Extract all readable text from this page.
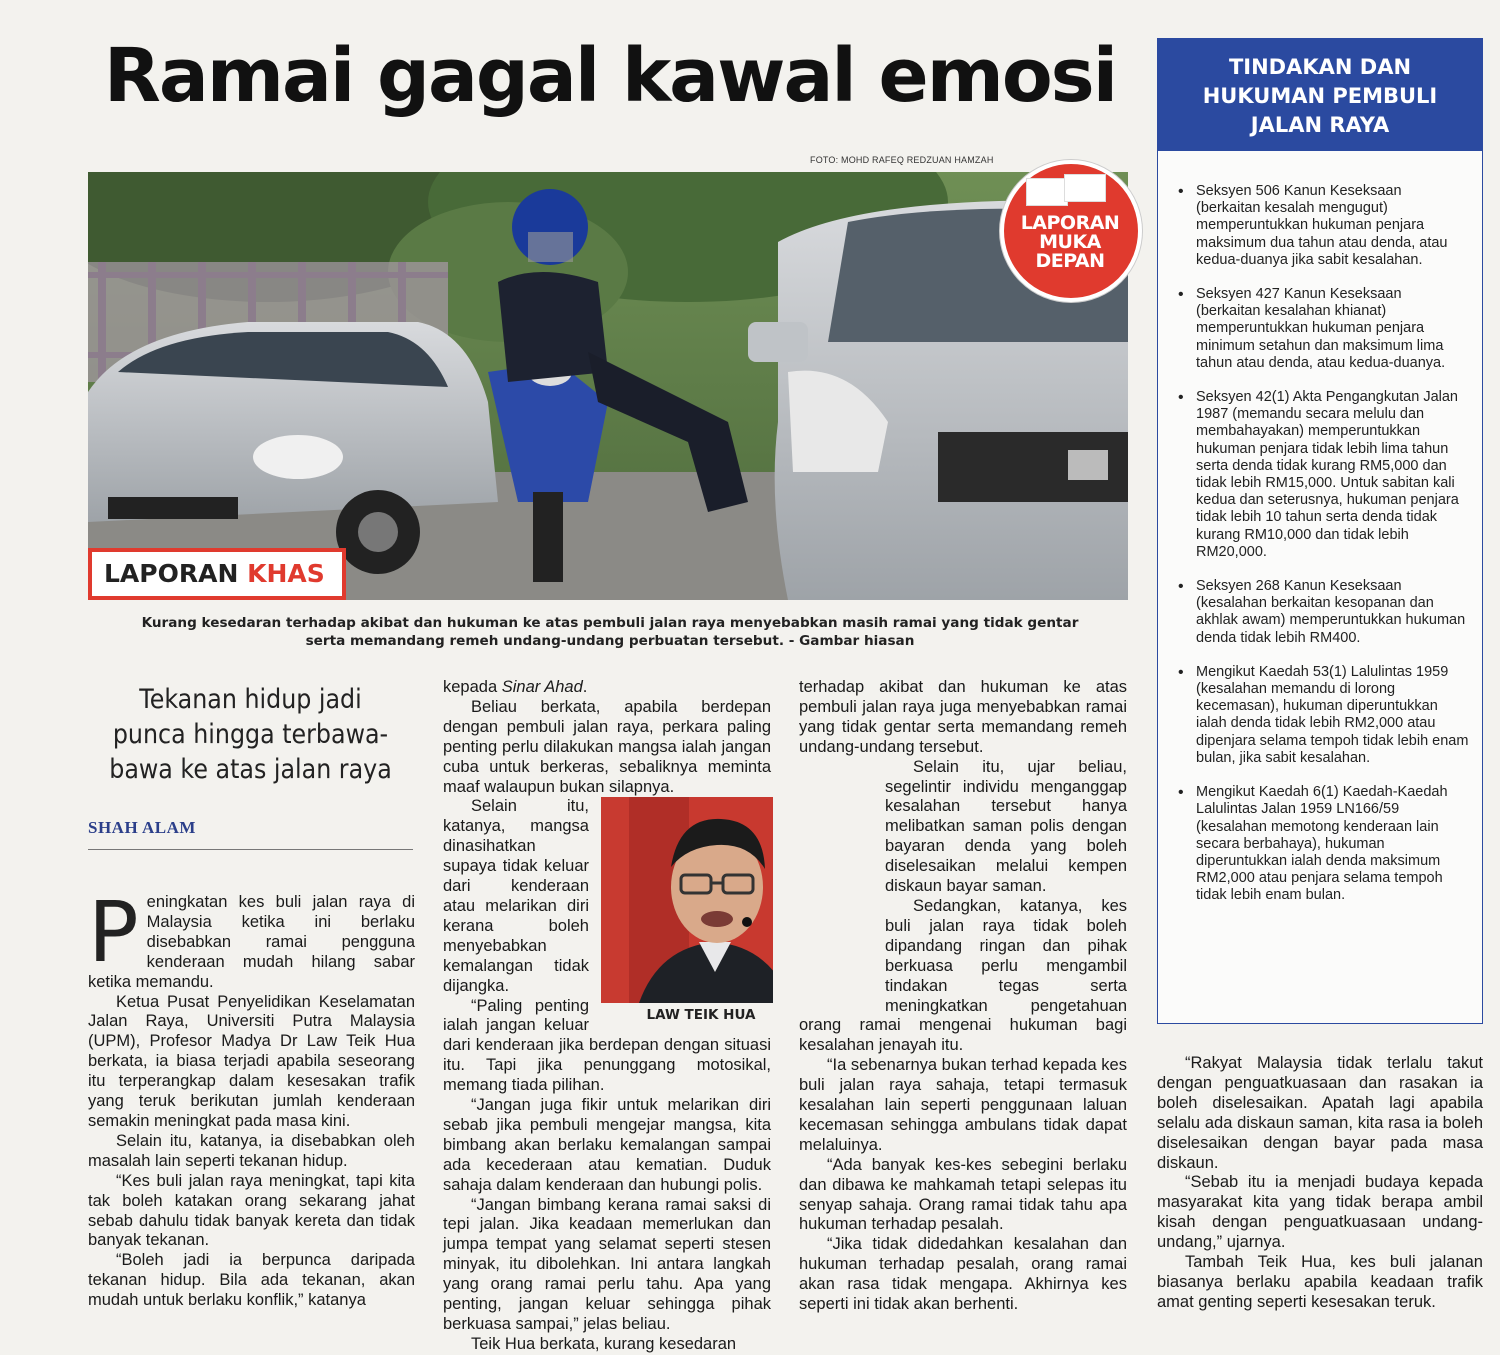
Ramai gagal kawal emosi
FOTO: MOHD RAFEQ REDZUAN HAMZAH
LAPORAN KHAS
LAPORAN
MUKA
DEPAN
Kurang kesedaran terhadap akibat dan hukuman ke atas pembuli jalan raya menyebabkan masih ramai yang tidak gentar serta memandang remeh undang-undang perbuatan tersebut. - Gambar hiasan
Tekanan hidup jadi punca hingga terbawa-bawa ke atas jalan raya
SHAH ALAM

Peningkatan kes buli jalan raya di Malaysia ketika ini berlaku disebabkan ramai pengguna kenderaan mudah hilang sabar ketika memandu.

Ketua Pusat Penyelidikan Keselamatan Jalan Raya, Universiti Putra Malaysia (UPM), Profesor Madya Dr Law Teik Hua berkata, ia biasa terjadi apabila seseorang itu terperangkap dalam kesesakan trafik yang teruk berikutan jumlah kenderaan semakin meningkat pada masa kini.

Selain itu, katanya, ia disebabkan oleh masalah lain seperti tekanan hidup.

“Kes buli jalan raya meningkat, tapi kita tak boleh katakan orang sekarang jahat sebab dahulu tidak banyak kereta dan tidak banyak tekanan.

“Boleh jadi ia berpunca daripada tekanan hidup. Bila ada tekanan, akan mudah untuk berlaku konflik,” katanya

kepada Sinar Ahad.

Beliau berkata, apabila berdepan dengan pembuli jalan raya, perkara paling penting perlu dilakukan mangsa ialah jangan cuba untuk berkeras, sebaliknya meminta maaf walaupun bukan silapnya.

LAW TEIK HUA
Selain itu, katanya, mangsa dinasihatkan supaya tidak keluar dari kenderaan atau melarikan diri kerana boleh menyebabkan kemalangan tidak dijangka.

“Paling penting ialah jangan keluar dari kenderaan jika berdepan dengan situasi itu. Tapi jika penunggang motosikal, memang tiada pilihan.

“Jangan juga fikir untuk melarikan diri sebab jika pembuli mengejar mangsa, kita bimbang akan berlaku kemalangan sampai ada kecederaan atau kematian. Duduk sahaja dalam kenderaan dan hubungi polis.

“Jangan bimbang kerana ramai saksi di tepi jalan. Jika keadaan memerlukan dan jumpa tempat yang selamat seperti stesen minyak, itu dibolehkan. Ini antara langkah yang orang ramai perlu tahu. Apa yang penting, jangan keluar sehingga pihak berkuasa sampai,” jelas beliau.

Teik Hua berkata, kurang kesedaran

terhadap akibat dan hukuman ke atas pembuli jalan raya juga menyebabkan ramai yang tidak gentar serta memandang remeh undang-undang tersebut.

Selain itu, ujar beliau, segelintir individu menganggap kesalahan tersebut hanya melibatkan saman polis dengan bayaran denda yang boleh diselesaikan melalui kempen diskaun bayar saman.

Sedangkan, katanya, kes buli jalan raya tidak boleh dipandang ringan dan pihak berkuasa perlu mengambil tindakan tegas serta meningkatkan pengetahuan orang ramai mengenai hukuman bagi kesalahan jenayah itu.

“Ia sebenarnya bukan terhad kepada kes buli jalan raya sahaja, tetapi termasuk kesalahan lain seperti penggunaan laluan kecemasan sehingga ambulans tidak dapat melaluinya.

“Ada banyak kes-kes sebegini berlaku dan dibawa ke mahkamah tetapi selepas itu senyap sahaja. Orang ramai tidak tahu apa hukuman terhadap pesalah.

“Jika tidak didedahkan kesalahan dan hukuman terhadap pesalah, orang ramai akan rasa tidak mengapa. Akhirnya kes seperti ini tidak akan berhenti.

TINDAKAN DAN
HUKUMAN PEMBULI
JALAN RAYA
• Seksyen 506 Kanun Keseksaan (berkaitan kesalah mengugut) memperuntukkan hukuman penjara maksimum dua tahun atau denda, atau kedua-duanya jika sabit kesalahan.
• Seksyen 427 Kanun Keseksaan (berkaitan kesalahan khianat) memperuntukkan hukuman penjara minimum setahun dan maksimum lima tahun atau denda, atau kedua-duanya.
• Seksyen 42(1) Akta Pengangkutan Jalan 1987 (memandu secara melulu dan membahayakan) memperuntukkan hukuman penjara tidak lebih lima tahun serta denda tidak kurang RM5,000 dan tidak lebih RM15,000. Untuk sabitan kali kedua dan seterusnya, hukuman penjara tidak lebih 10 tahun serta denda tidak kurang RM10,000 dan tidak lebih RM20,000.
• Seksyen 268 Kanun Keseksaan (kesalahan berkaitan kesopanan dan akhlak awam) memperuntukkan hukuman denda tidak lebih RM400.
• Mengikut Kaedah 53(1) Lalulintas 1959 (kesalahan memandu di lorong kecemasan), hukuman diperuntukkan ialah denda tidak lebih RM2,000 atau dipenjara selama tempoh tidak lebih enam bulan, jika sabit kesalahan.
• Mengikut Kaedah 6(1) Kaedah-Kaedah Lalulintas Jalan 1959 LN166/59 (kesalahan memotong kenderaan lain secara berbahaya), hukuman diperuntukkan ialah denda maksimum RM2,000 atau penjara selama tempoh tidak lebih enam bulan.

“Rakyat Malaysia tidak terlalu takut dengan penguatkuasaan dan rasakan ia boleh diselesaikan. Apatah lagi apabila selalu ada diskaun saman, kita rasa ia boleh diselesaikan dengan bayar pada masa diskaun.

“Sebab itu ia menjadi budaya kepada masyarakat kita yang tidak berapa ambil kisah dengan penguatkuasaan undang-undang,” ujarnya.

Tambah Teik Hua, kes buli jalanan biasanya berlaku apabila keadaan trafik amat genting seperti kesesakan teruk.
